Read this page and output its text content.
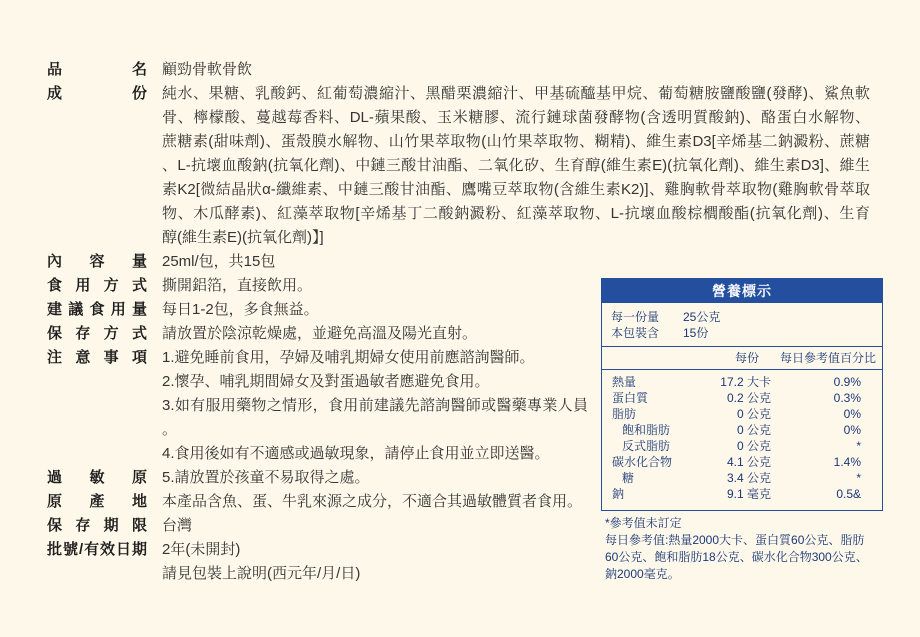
品名 顧勁骨軟骨飲
成份 純水、果糖、乳酸鈣、紅葡萄濃縮汁、黑醋栗濃縮汁、甲基硫醯基甲烷、葡萄糖胺鹽酸鹽(發酵)、鯊魚軟
骨、檸檬酸、蔓越莓香料、DL-蘋果酸、玉米糖膠、流行鏈球菌發酵物(含透明質酸鈉)、酪蛋白水解物、
蔗糖素(甜味劑)、蛋殼膜水解物、山竹果萃取物(山竹果萃取物、糊精)、維生素D3[辛烯基二鈉澱粉、蔗糖
、L-抗壞血酸鈉(抗氧化劑)、中鏈三酸甘油酯、二氧化矽、生育醇(維生素E)(抗氧化劑)、維生素D3]、維生
素K2[微結晶狀α-纖維素、中鏈三酸甘油酯、鷹嘴豆萃取物(含維生素K2)]、雞胸軟骨萃取物(雞胸軟骨萃取
物、木瓜酵素)、紅藻萃取物[辛烯基丁二酸鈉澱粉、紅藻萃取物、L-抗壞血酸棕櫚酸酯(抗氧化劑)、生育
醇(維生素E)(抗氧化劑)】]
內容量 25ml/包，共15包
食用方式 撕開鋁箔，直接飲用。
建議食用量 每日1-2包，多食無益。
保存方式 請放置於陰涼乾燥處，並避免高溫及陽光直射。
注意事項 1.避免睡前食用，孕婦及哺乳期婦女使用前應諮詢醫師。
2.懷孕、哺乳期間婦女及對蛋過敏者應避免食用。
3.如有服用藥物之情形，食用前建議先諮詢醫師或醫藥專業人員
。
4.食用後如有不適感或過敏現象，請停止食用並立即送醫。
過敏原 5.請放置於孩童不易取得之處。
原產地 本產品含魚、蛋、牛乳來源之成分，不適合其過敏體質者食用。
保存期限 台灣
批號/有效日期 2年(未開封)
請見包裝上說明(西元年/月/日)
營養標示
每一份量	25公克
本包裝含	15份
每份	每日參考值百分比
熱量	17.2 大卡	0.9%
蛋白質	0.2 公克	0.3%
脂肪	0 公克	0%
飽和脂肪	0 公克	0%
反式脂肪	0 公克	*
碳水化合物	4.1 公克	1.4%
糖	3.4 公克	*
鈉	9.1 毫克	0.5&
*參考值未訂定
每日參考值:熱量2000大卡、蛋白質60公克、脂肪
60公克、飽和脂肪18公克、碳水化合物300公克、
鈉2000毫克。
